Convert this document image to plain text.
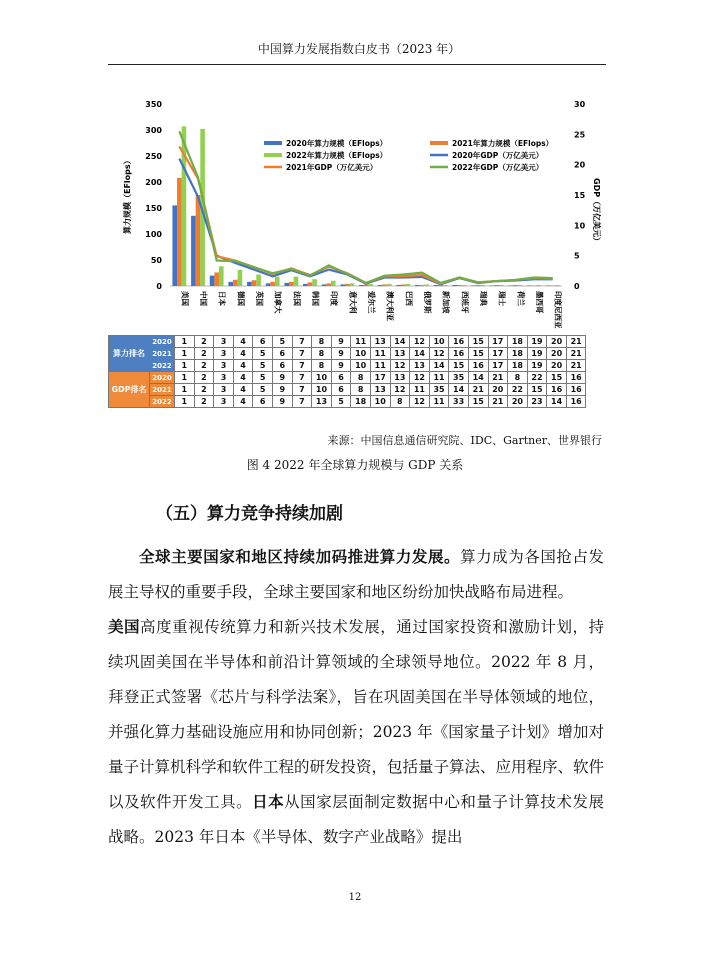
中国算力发展指数白皮书（2023 年）
0
50
100
150
200
250
300
350
0
5
10
15
20
25
30
美国 中国 日本 德国 英国 加拿大 法国 韩国 印度 意大利 爱尔兰 澳大利亚 巴西 俄罗斯 新加坡 西班牙 瑞典 瑞士 荷兰 墨西哥 印度尼西亚
2020年算力规模（EFlops）	2021年算力规模（EFlops）
2022年算力规模（EFlops）	2020年GDP（万亿美元）
2021年GDP（万亿美元）	2022年GDP（万亿美元）
算力规模（EFlops）	GDP（万亿美元）
算力排名	2020	1	2	3	4	6	5	7	8	9	11	13	14	12	10	16	15	17	18	19	20	21
	2021	1	2	3	4	5	6	7	8	9	10	11	13	14	12	16	15	17	18	19	20	21
	2022	1	2	3	4	5	6	7	8	9	10	11	12	13	14	15	16	17	18	19	20	21
GDP排名	2020	1	2	3	4	5	9	7	10	6	8	17	13	12	11	35	14	21	8	22	15	16
	2021	1	2	3	4	5	9	7	10	6	8	13	12	11	35	14	21	20	22	15	16	16
	2022	1	2	3	4	6	9	7	13	5	18	10	8	12	11	33	15	21	20	23	14	16
来源：中国信息通信研究院、IDC、Gartner、世界银行
图 4 2022 年全球算力规模与 GDP 关系
（五）算力竞争持续加剧

全球主要国家和地区持续加码推进算力发展。算力成为各国抢占发展主导权的重要手段，全球主要国家和地区纷纷加快战略布局进程。
美国高度重视传统算力和新兴技术发展，通过国家投资和激励计划，持续巩固美国在半导体和前沿计算领域的全球领导地位。2022 年 8 月，拜登正式签署《芯片与科学法案》，旨在巩固美国在半导体领域的地位，并强化算力基础设施应用和协同创新；2023 年《国家量子计划》增加对量子计算机科学和软件工程的研发投资，包括量子算法、应用程序、软件以及软件开发工具。日本从国家层面制定数据中心和量子计算技术发展战略。2023 年日本《半导体、数字产业战略》提出

12
